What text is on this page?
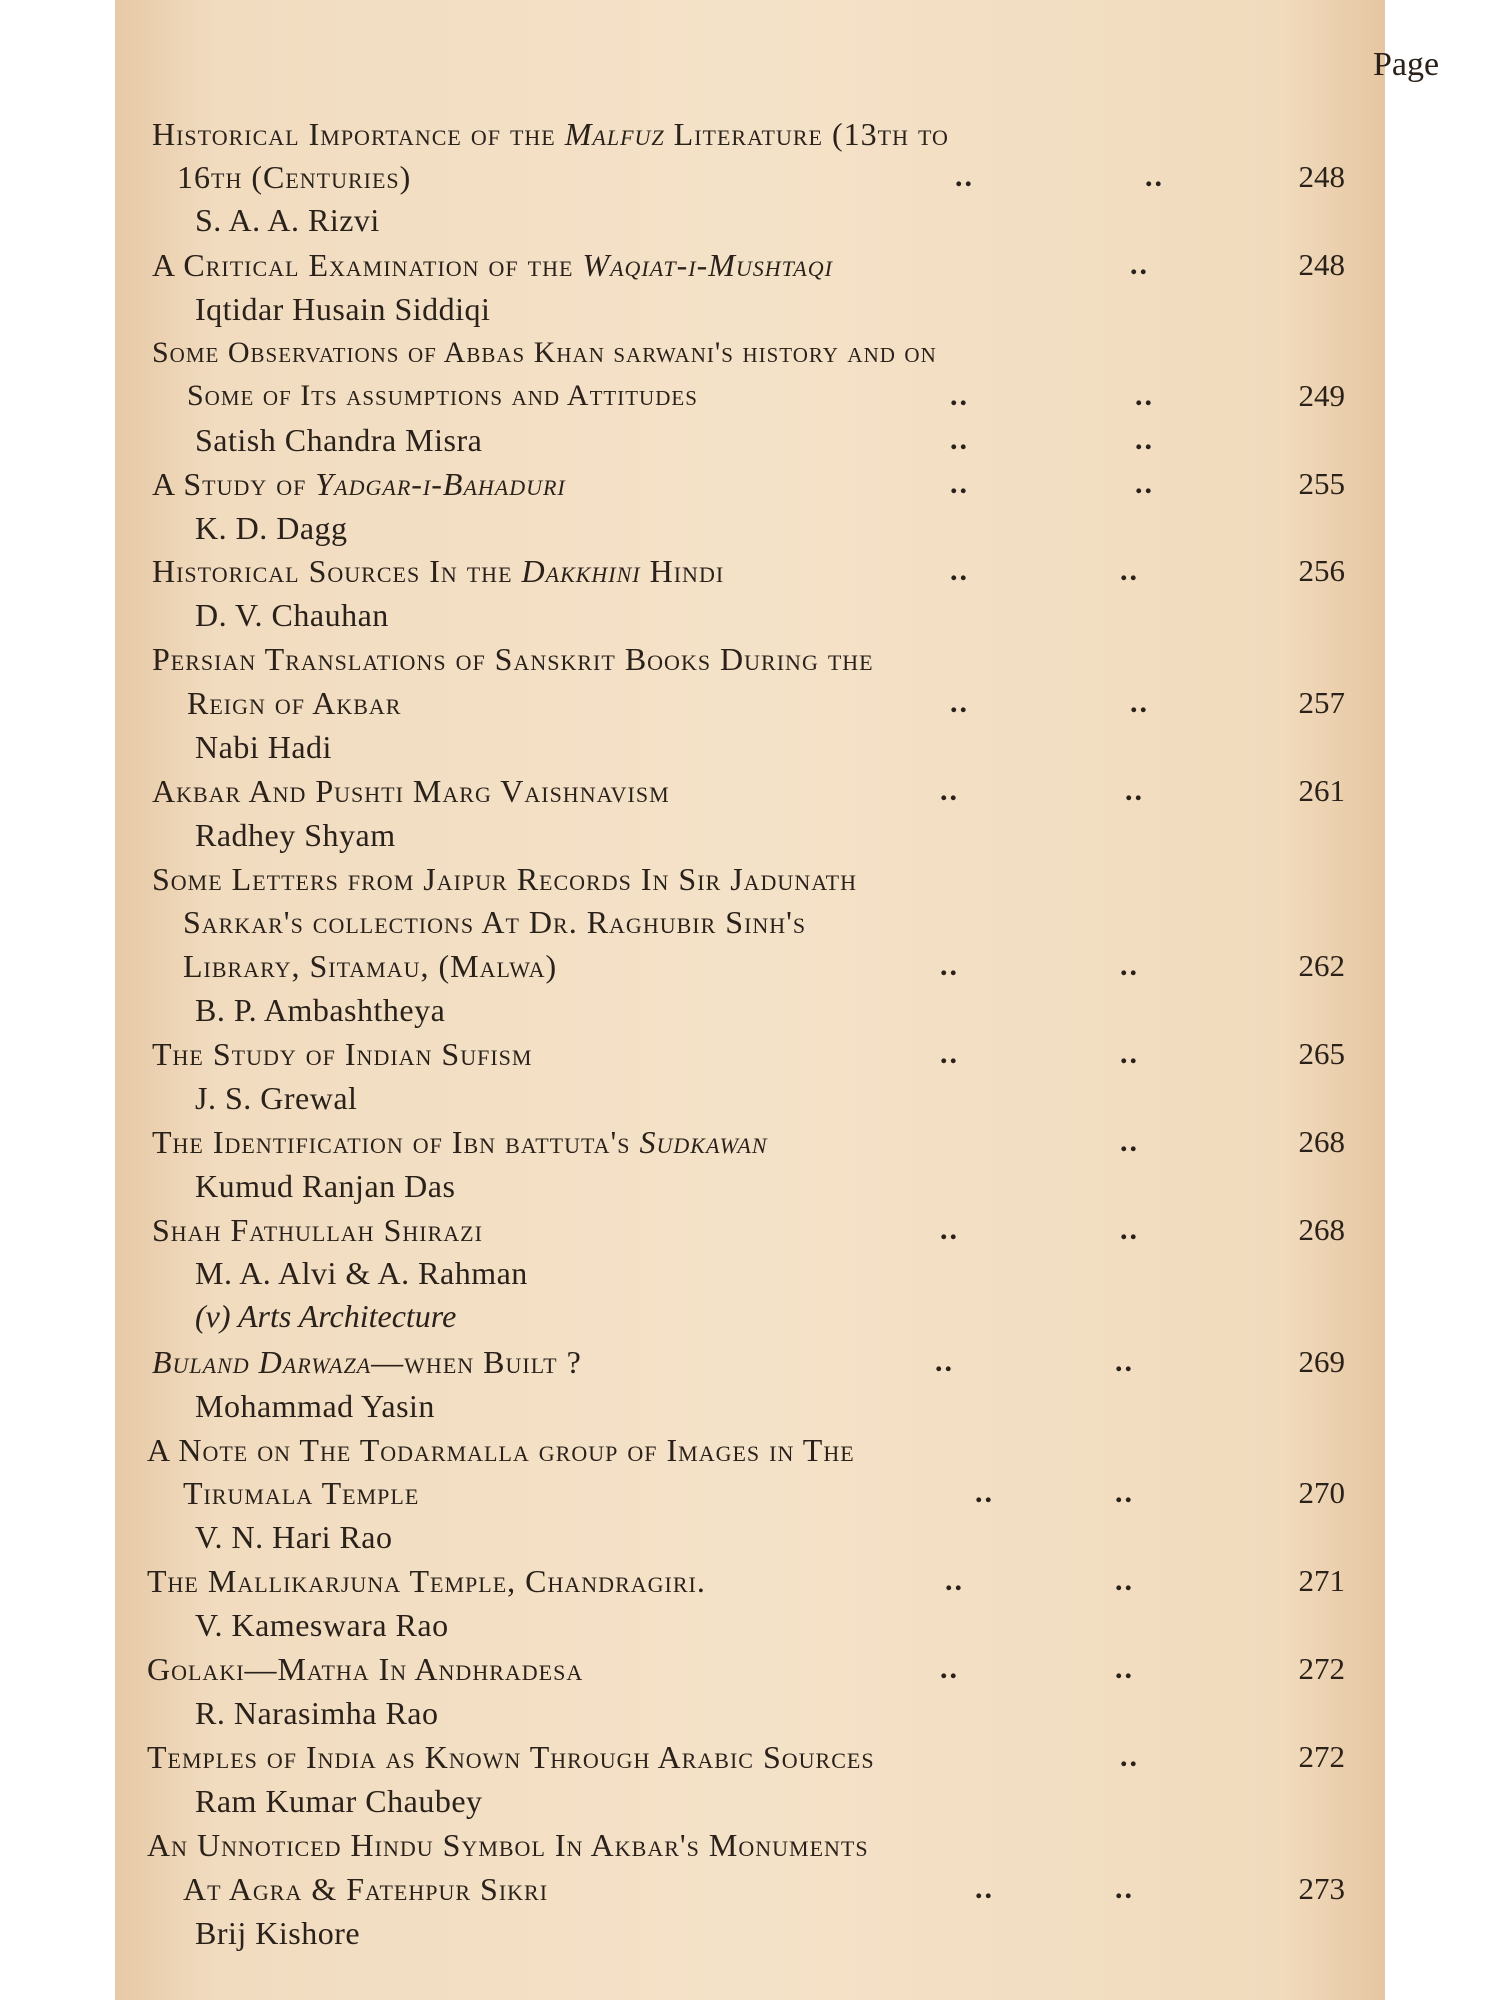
Page
Historical Importance of the Malfuz Literature (13th to
16th (Centuries)	..	..	248
S. A. A. Rizvi
A Critical Examination of the Waqiat-i-Mushtaqi	..	248
Iqtidar Husain Siddiqi
Some Observations of Abbas Khan sarwani's history and on
Some of Its assumptions and Attitudes	..	..	249
Satish Chandra Misra	..	..
A Study of Yadgar-i-Bahaduri	..	..	255
K. D. Dagg
Historical Sources In the Dakkhini Hindi	..	..	256
D. V. Chauhan
Persian Translations of Sanskrit Books During the
Reign of Akbar	..	..	257
Nabi Hadi
Akbar And Pushti Marg Vaishnavism	..	..	261
Radhey Shyam
Some Letters from Jaipur Records In Sir Jadunath
Sarkar's collections At Dr. Raghubir Sinh's
Library, Sitamau, (Malwa)	..	..	262
B. P. Ambashtheya
The Study of Indian Sufism	..	..	265
J. S. Grewal
The Identification of Ibn battuta's Sudkawan	..	268
Kumud Ranjan Das
Shah Fathullah Shirazi	..	..	268
M. A. Alvi & A. Rahman
(v) Arts Architecture
Buland Darwaza—when Built ?	..	..	269
Mohammad Yasin
A Note on The Todarmalla group of Images in The
Tirumala Temple	..	..	270
V. N. Hari Rao
The Mallikarjuna Temple, Chandragiri.	..	..	271
V. Kameswara Rao
Golaki—Matha In Andhradesa	..	..	272
R. Narasimha Rao
Temples of India as Known Through Arabic Sources	..	272
Ram Kumar Chaubey
An Unnoticed Hindu Symbol In Akbar's Monuments
At Agra & Fatehpur Sikri	..	..	273
Brij Kishore
